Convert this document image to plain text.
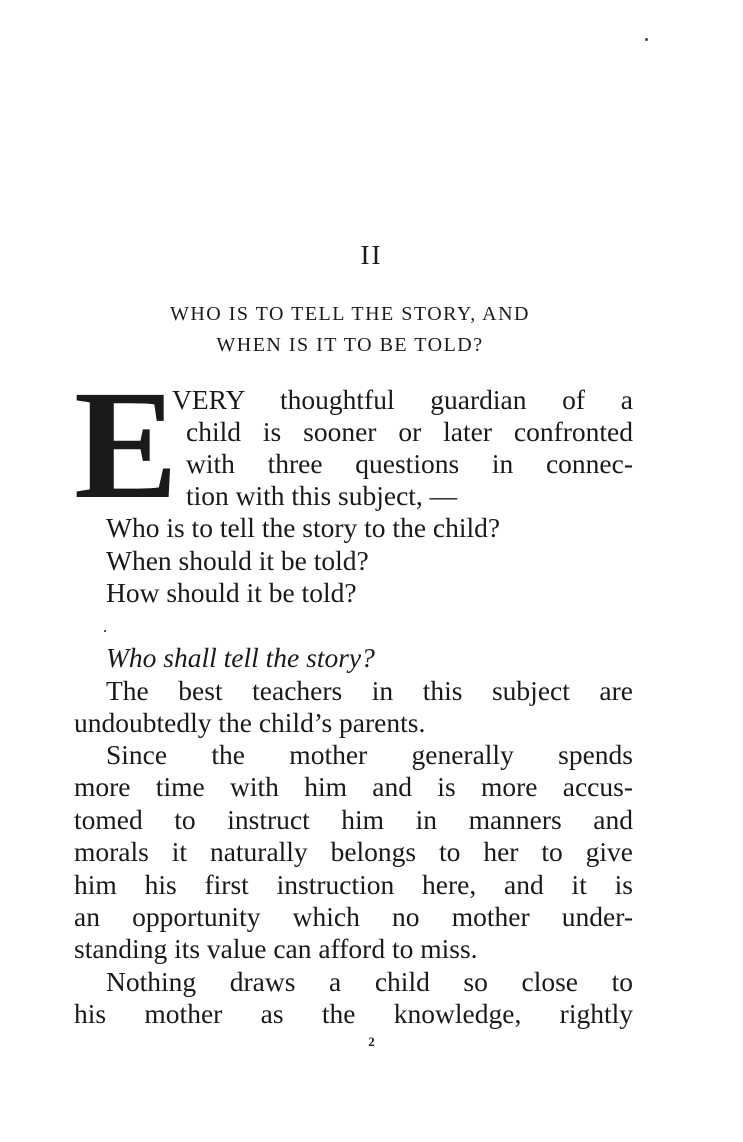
II
WHO IS TO TELL THE STORY, AND
WHEN IS IT TO BE TOLD?
E
VERY thoughtful guardian of a
child is sooner or later confronted
with three questions in connec-
tion with this subject, —
Who is to tell the story to the child?
When should it be told?
How should it be told?
Who shall tell the story?
The best teachers in this subject are
undoubtedly the child’s parents.
Since the mother generally spends
more time with him and is more accus-
tomed to instruct him in manners and
morals it naturally belongs to her to give
him his first instruction here, and it is
an opportunity which no mother under-
standing its value can afford to miss.
Nothing draws a child so close to
his mother as the knowledge, rightly
2
